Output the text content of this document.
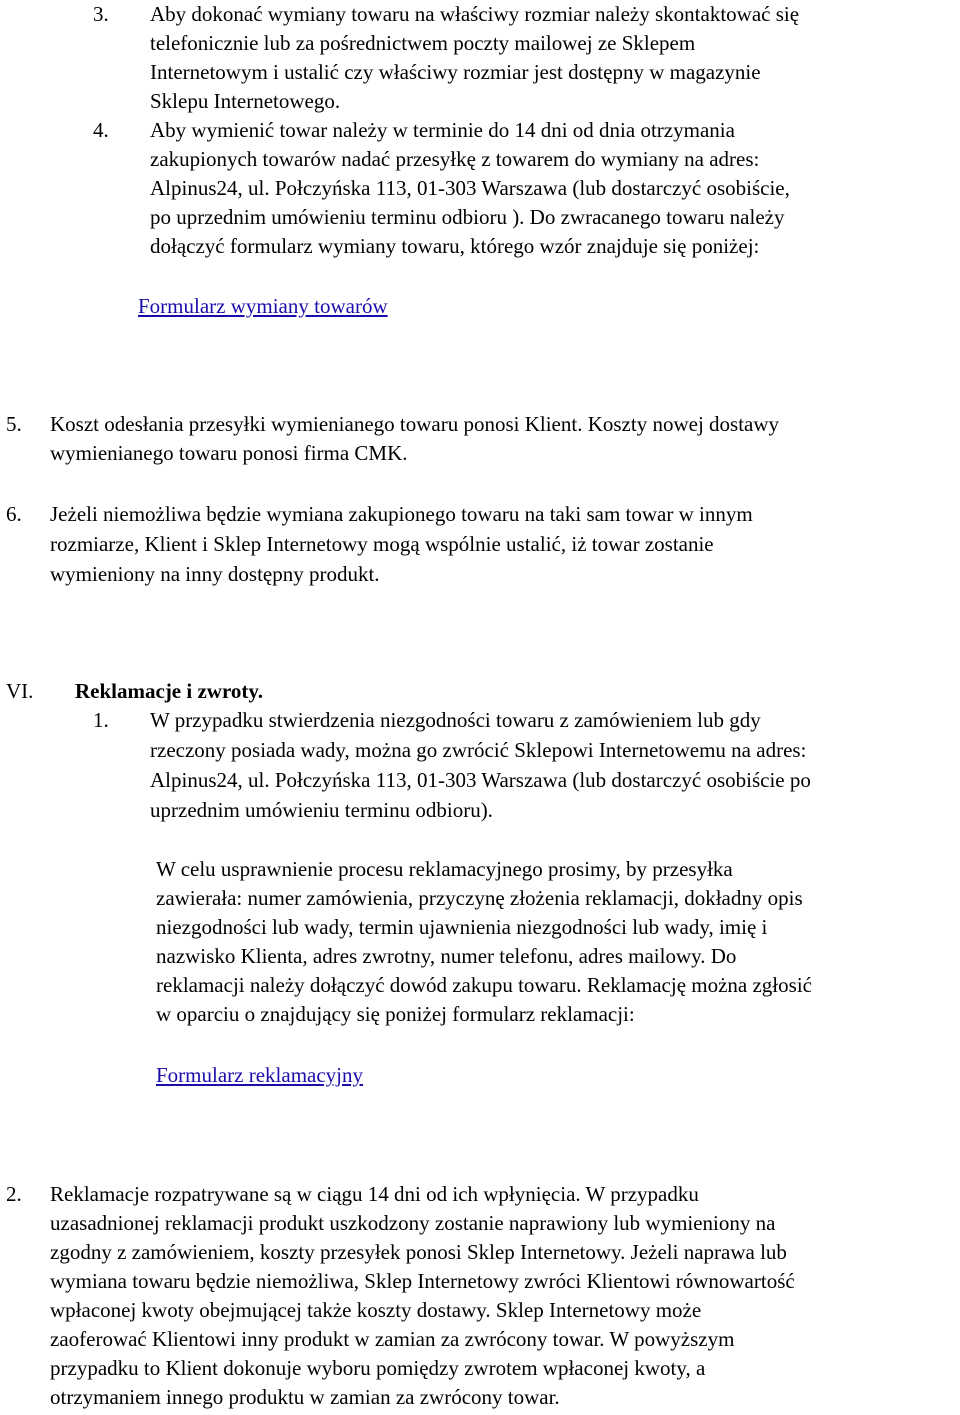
3. Aby dokonać wymiany towaru na właściwy rozmiar należy skontaktować się
telefonicznie lub za pośrednictwem poczty mailowej ze Sklepem
Internetowym i ustalić czy właściwy rozmiar jest dostępny w magazynie
Sklepu Internetowego.
4. Aby wymienić towar należy w terminie do 14 dni od dnia otrzymania
zakupionych towarów nadać przesyłkę z towarem do wymiany na adres:
Alpinus24, ul. Połczyńska 113, 01-303 Warszawa (lub dostarczyć osobiście,
po uprzednim umówieniu terminu odbioru ). Do zwracanego towaru należy
dołączyć formularz wymiany towaru, którego wzór znajduje się poniżej:
Formularz wymiany towarów
5. Koszt odesłania przesyłki wymienianego towaru ponosi Klient. Koszty nowej dostawy
wymienianego towaru ponosi firma CMK.
6. Jeżeli niemożliwa będzie wymiana zakupionego towaru na taki sam towar w innym
rozmiarze, Klient i Sklep Internetowy mogą wspólnie ustalić, iż towar zostanie
wymieniony na inny dostępny produkt.
VI. Reklamacje i zwroty.
1. W przypadku stwierdzenia niezgodności towaru z zamówieniem lub gdy
rzeczony posiada wady, można go zwrócić Sklepowi Internetowemu na adres:
Alpinus24, ul. Połczyńska 113, 01-303 Warszawa (lub dostarczyć osobiście po
uprzednim umówieniu terminu odbioru).
W celu usprawnienie procesu reklamacyjnego prosimy, by przesyłka
zawierała: numer zamówienia, przyczynę złożenia reklamacji, dokładny opis
niezgodności lub wady, termin ujawnienia niezgodności lub wady, imię i
nazwisko Klienta, adres zwrotny, numer telefonu, adres mailowy. Do
reklamacji należy dołączyć dowód zakupu towaru. Reklamację można zgłosić
w oparciu o znajdujący się poniżej formularz reklamacji:
Formularz reklamacyjny
2. Reklamacje rozpatrywane są w ciągu 14 dni od ich wpłynięcia. W przypadku
uzasadnionej reklamacji produkt uszkodzony zostanie naprawiony lub wymieniony na
zgodny z zamówieniem, koszty przesyłek ponosi Sklep Internetowy. Jeżeli naprawa lub
wymiana towaru będzie niemożliwa, Sklep Internetowy zwróci Klientowi równowartość
wpłaconej kwoty obejmującej także koszty dostawy. Sklep Internetowy może
zaoferować Klientowi inny produkt w zamian za zwrócony towar. W powyższym
przypadku to Klient dokonuje wyboru pomiędzy zwrotem wpłaconej kwoty, a
otrzymaniem innego produktu w zamian za zwrócony towar.
